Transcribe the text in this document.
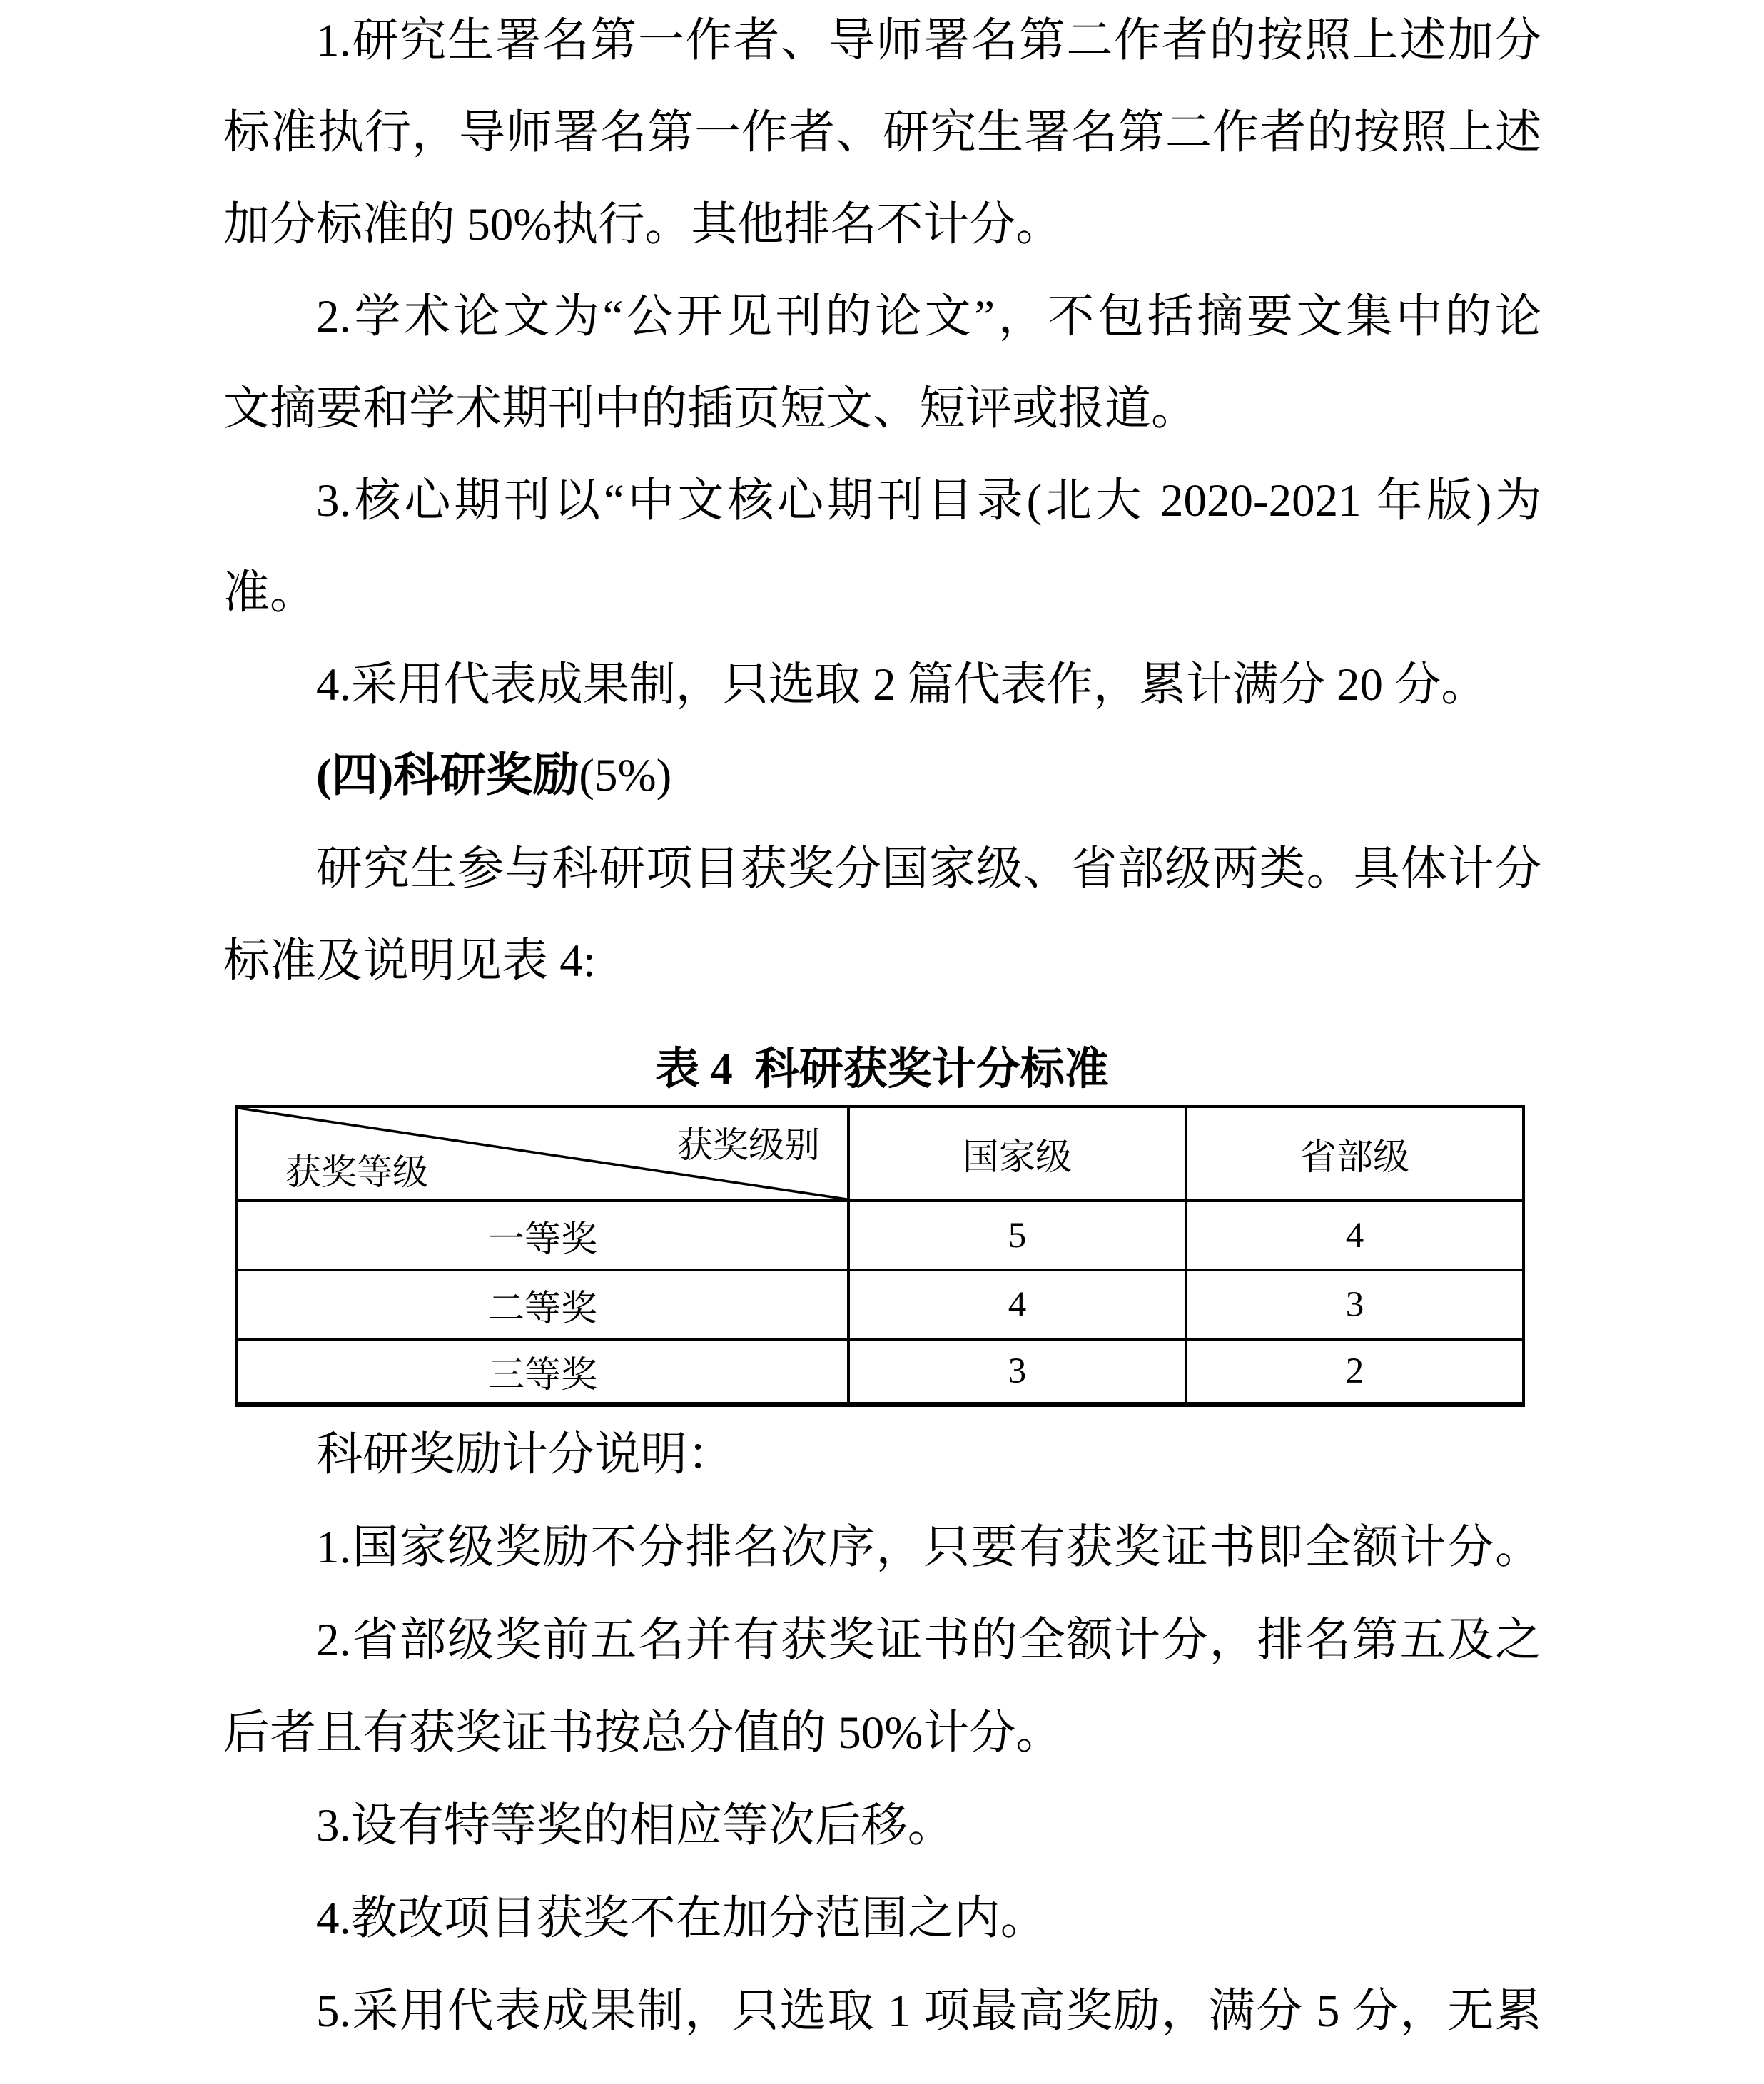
1.研究生署名第一作者、导师署名第二作者的按照上述加分
标准执行，导师署名第一作者、研究生署名第二作者的按照上述
加分标准的 50%执行。其他排名不计分。
2.学术论文为“公开见刊的论文”，不包括摘要文集中的论
文摘要和学术期刊中的插页短文、短评或报道。
3.核心期刊以“中文核心期刊目录(北大 2020-2021 年版)为
准。
4.采用代表成果制，只选取 2 篇代表作，累计满分 20 分。
研究生参与科研项目获奖分国家级、省部级两类。具体计分
标准及说明见表 4:
科研奖励计分说明：
1.国家级奖励不分排名次序，只要有获奖证书即全额计分。
2.省部级奖前五名并有获奖证书的全额计分，排名第五及之
后者且有获奖证书按总分值的 50%计分。
3.设有特等奖的相应等次后移。
4.教改项目获奖不在加分范围之内。
5.采用代表成果制，只选取 1 项最高奖励，满分 5 分，无累
(四)科研奖励(5%)
表 4  科研获奖计分标准
获奖级别
获奖等级	国家级	省部级
一等奖	5	4
二等奖	4	3
三等奖	3	2
